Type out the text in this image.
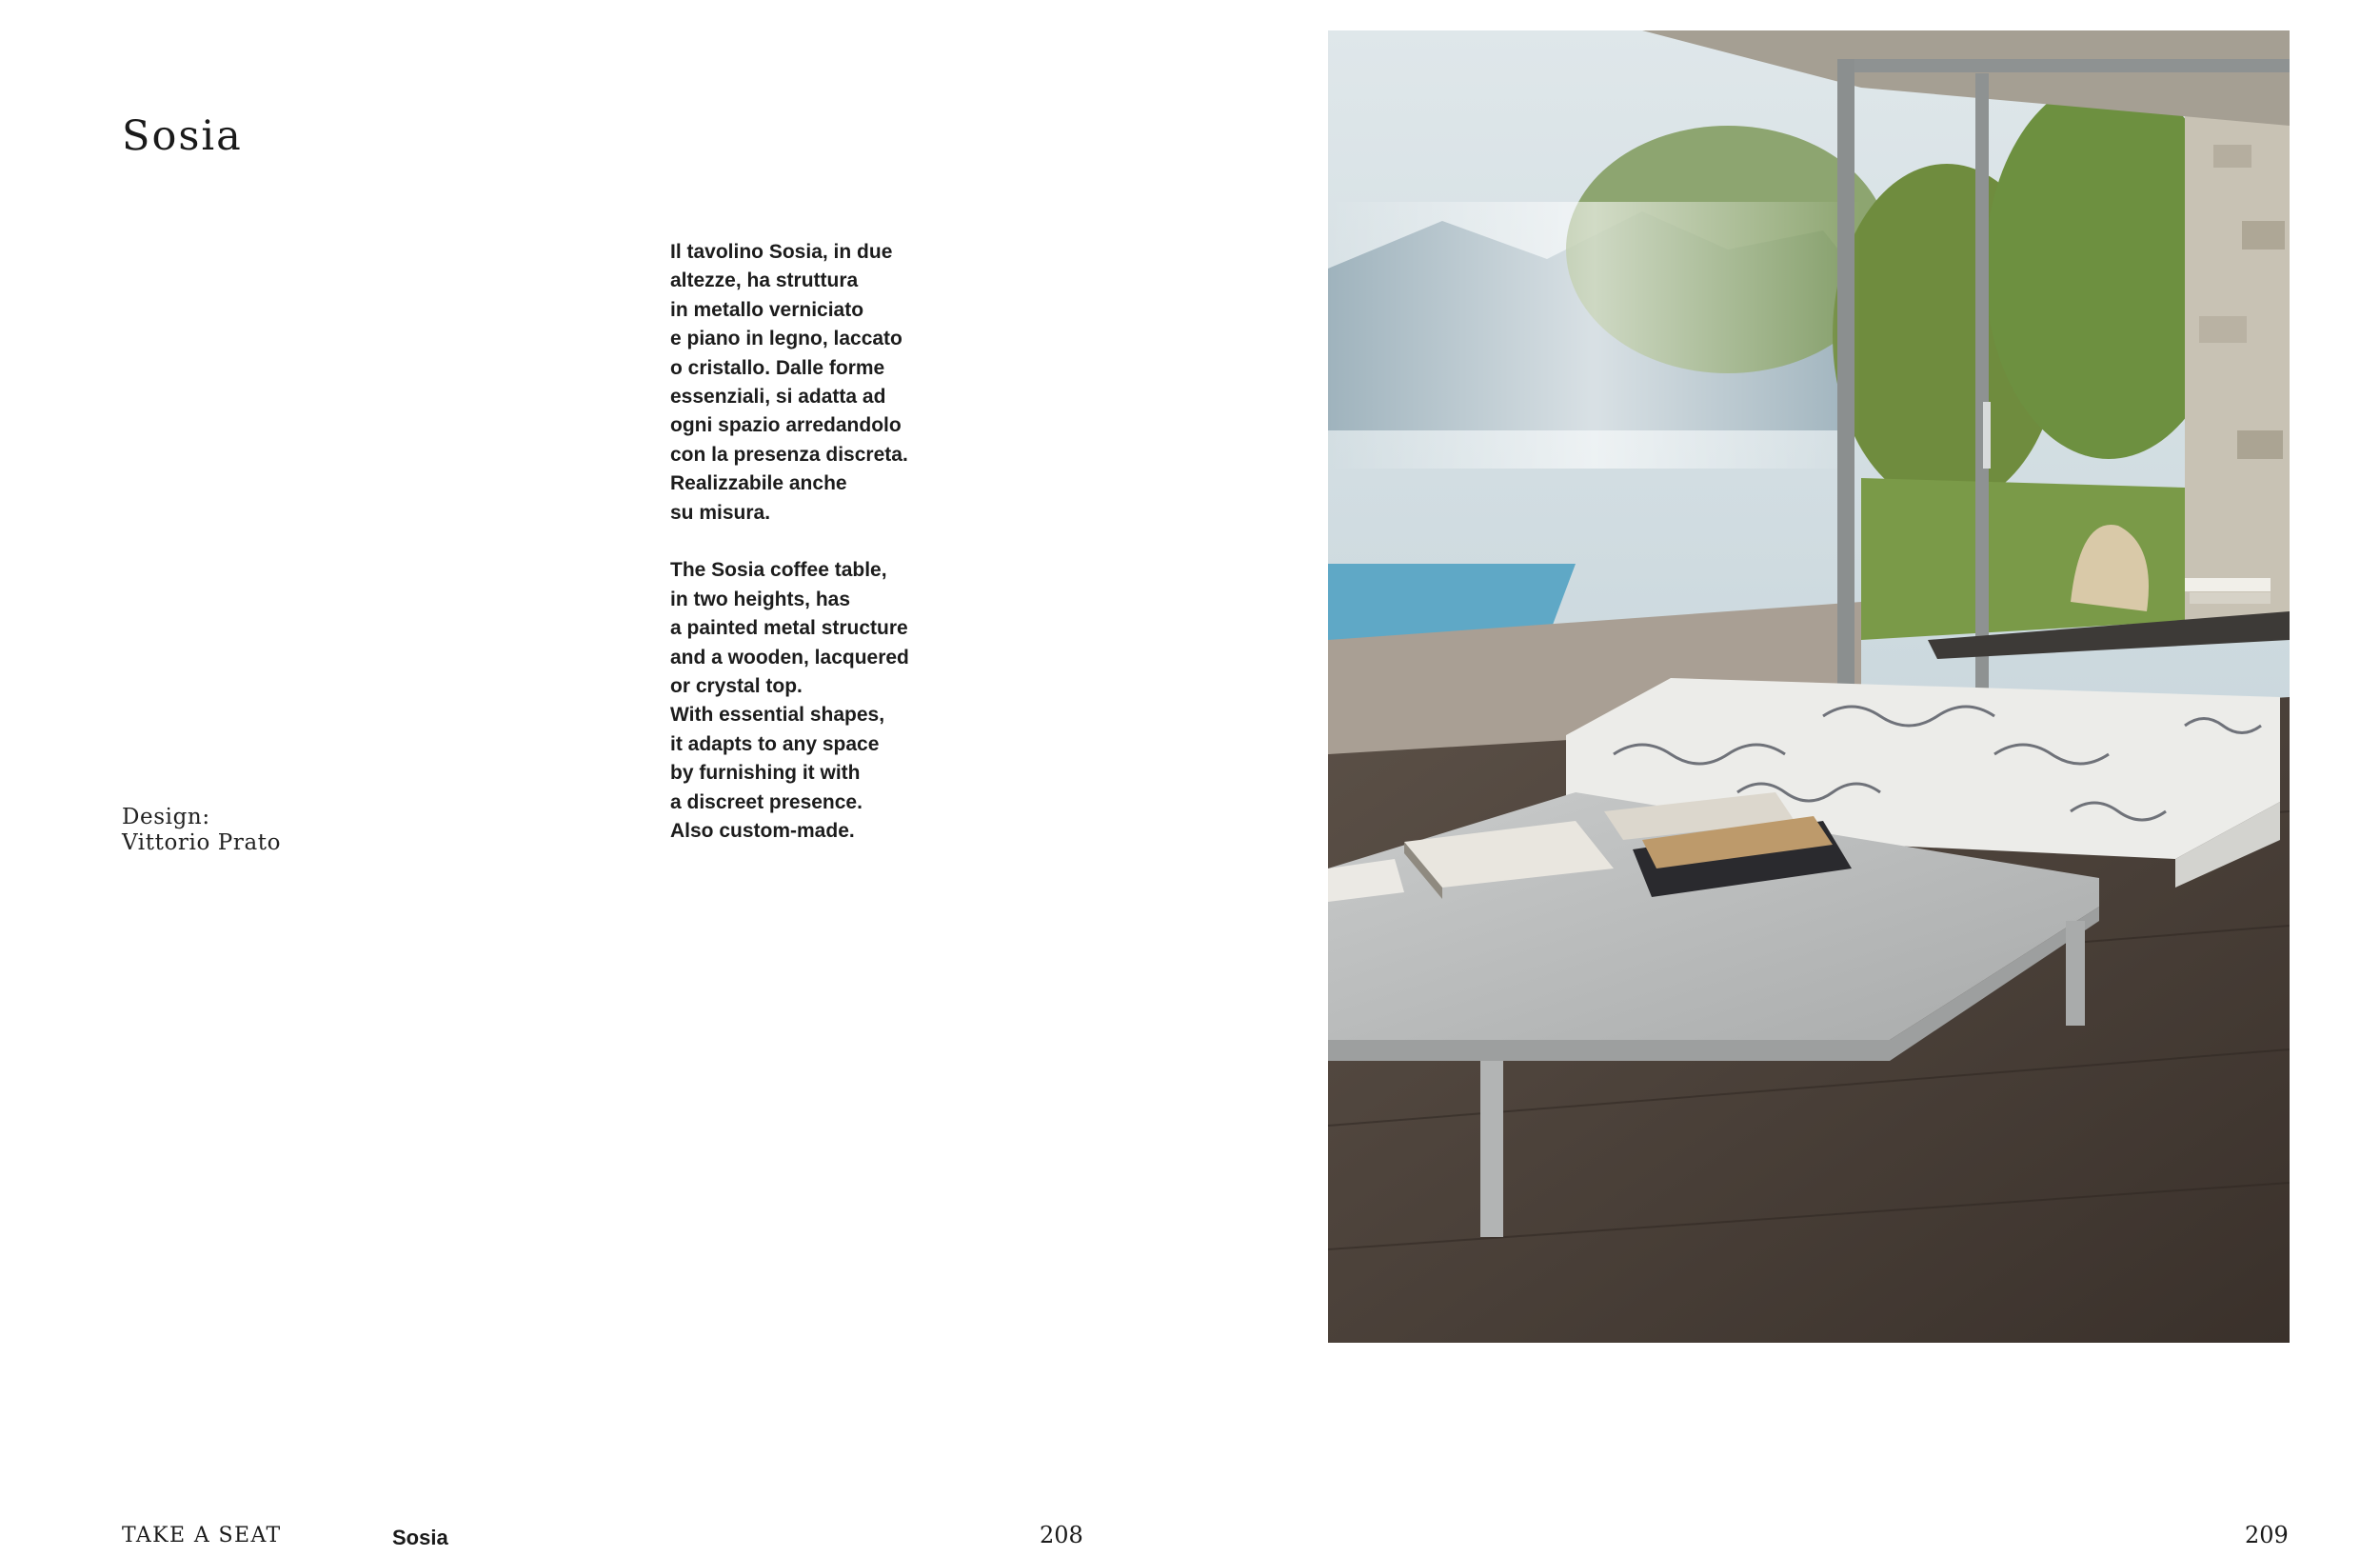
Sosia
Il tavolino Sosia, in due
altezze, ha struttura
in metallo verniciato
e piano in legno, laccato
o cristallo. Dalle forme
essenziali, si adatta ad
ogni spazio arredandolo
con la presenza discreta.
Realizzabile anche
su misura.
The Sosia coffee table,
in two heights, has
a painted metal structure
and a wooden, lacquered
or crystal top.
With essential shapes,
it adapts to any space
by furnishing it with
a discreet presence.
Also custom-made.
Design:
Vittorio Prato
TAKE A SEAT	Sosia	208	209
